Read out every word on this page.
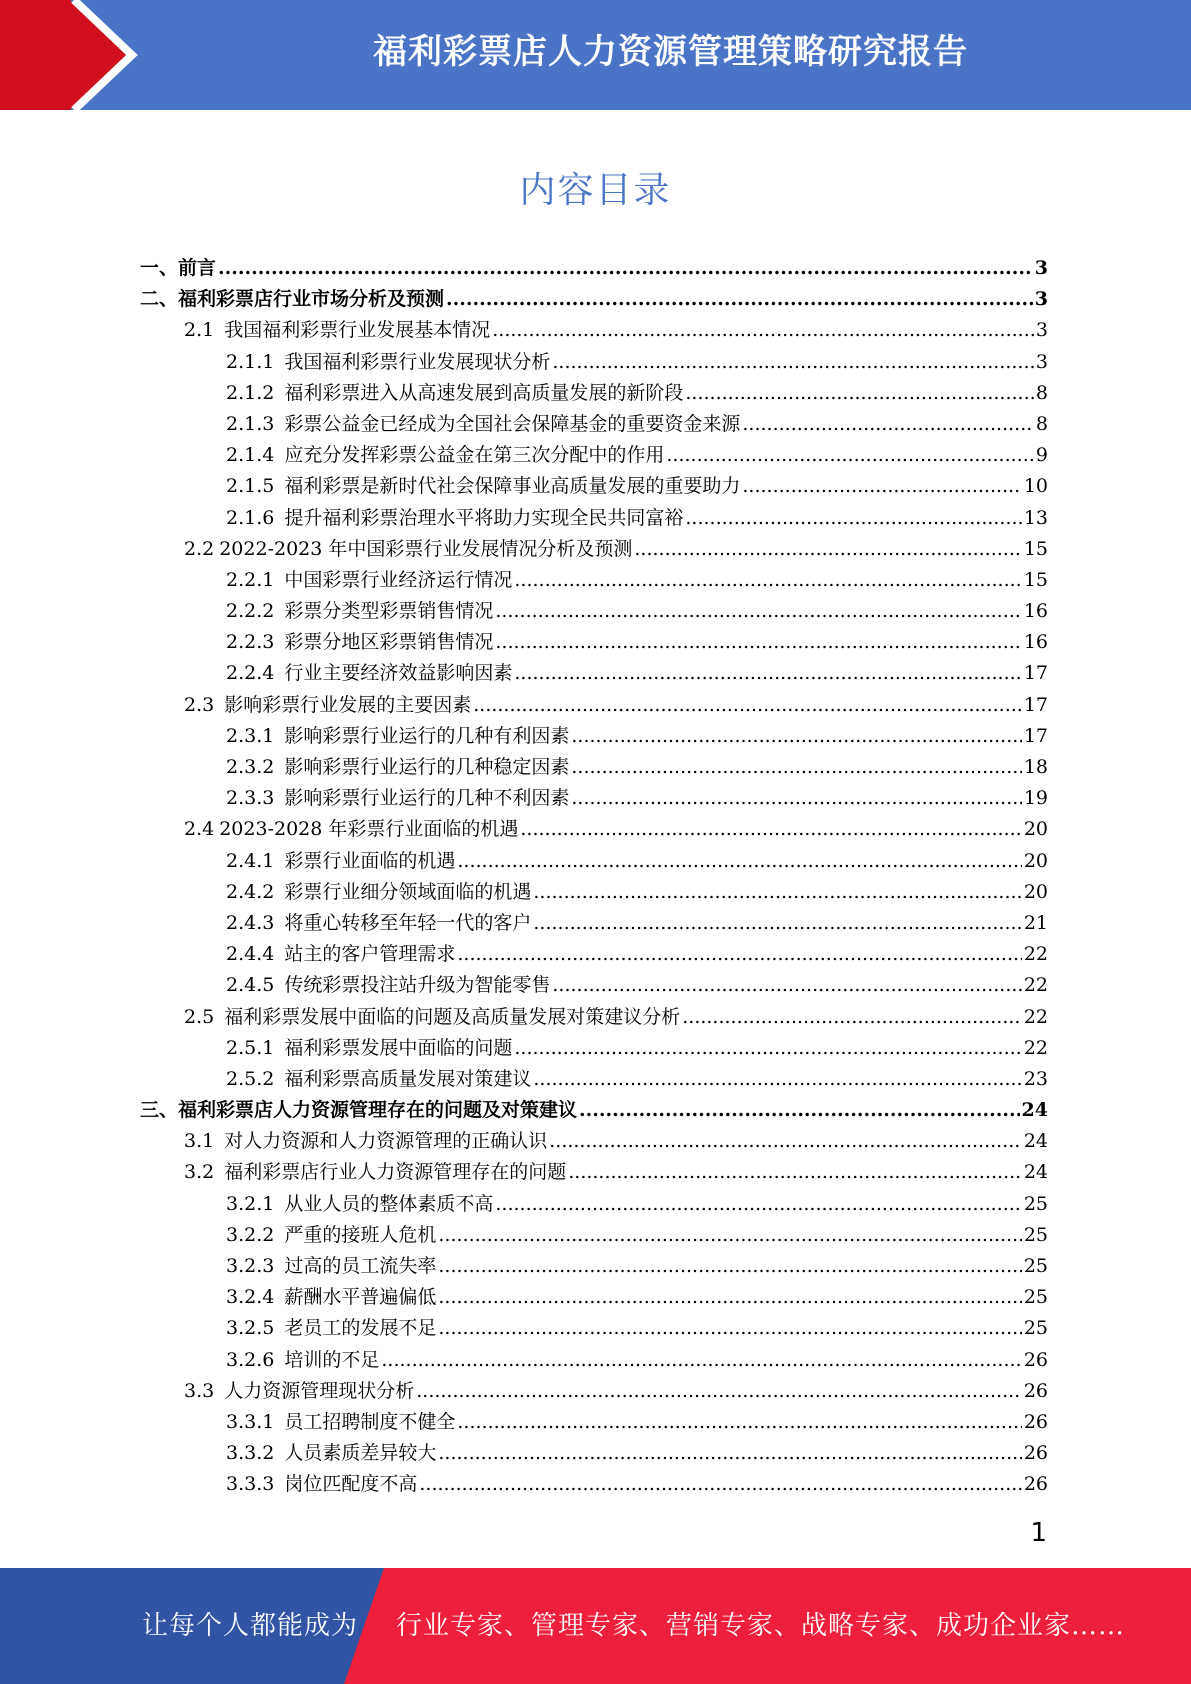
福利彩票店人力资源管理策略研究报告
内容目录
一、前言 .....	3
二、福利彩票店行业市场分析及预测 .....	3
2.1 我国福利彩票行业发展基本情况 .....	3
2.1.1 我国福利彩票行业发展现状分析 .....	3
2.1.2 福利彩票进入从高速发展到高质量发展的新阶段 .....	8
2.1.3 彩票公益金已经成为全国社会保障基金的重要资金来源 .....	8
2.1.4 应充分发挥彩票公益金在第三次分配中的作用 .....	9
2.1.5 福利彩票是新时代社会保障事业高质量发展的重要助力 .....	10
2.1.6 提升福利彩票治理水平将助力实现全民共同富裕 .....	13
2.2 2022-2023 年中国彩票行业发展情况分析及预测 .....	15
2.2.1 中国彩票行业经济运行情况 .....	15
2.2.2 彩票分类型彩票销售情况 .....	16
2.2.3 彩票分地区彩票销售情况 .....	16
2.2.4 行业主要经济效益影响因素 .....	17
2.3 影响彩票行业发展的主要因素 .....	17
2.3.1 影响彩票行业运行的几种有利因素 .....	17
2.3.2 影响彩票行业运行的几种稳定因素 .....	18
2.3.3 影响彩票行业运行的几种不利因素 .....	19
2.4 2023-2028 年彩票行业面临的机遇 .....	20
2.4.1 彩票行业面临的机遇 .....	20
2.4.2 彩票行业细分领域面临的机遇 .....	20
2.4.3 将重心转移至年轻一代的客户 .....	21
2.4.4 站主的客户管理需求 .....	22
2.4.5 传统彩票投注站升级为智能零售 .....	22
2.5 福利彩票发展中面临的问题及高质量发展对策建议分析 .....	22
2.5.1 福利彩票发展中面临的问题 .....	22
2.5.2 福利彩票高质量发展对策建议 .....	23
三、福利彩票店人力资源管理存在的问题及对策建议 .....	24
3.1 对人力资源和人力资源管理的正确认识 .....	24
3.2 福利彩票店行业人力资源管理存在的问题 .....	24
3.2.1 从业人员的整体素质不高 .....	25
3.2.2 严重的接班人危机 .....	25
3.2.3 过高的员工流失率 .....	25
3.2.4 薪酬水平普遍偏低 .....	25
3.2.5 老员工的发展不足 .....	25
3.2.6 培训的不足 .....	26
3.3 人力资源管理现状分析 .....	26
3.3.1 员工招聘制度不健全 .....	26
3.3.2 人员素质差异较大 .....	26
3.3.3 岗位匹配度不高 .....	26
1
让每个人都能成为 行业专家、管理专家、营销专家、战略专家、成功企业家……
